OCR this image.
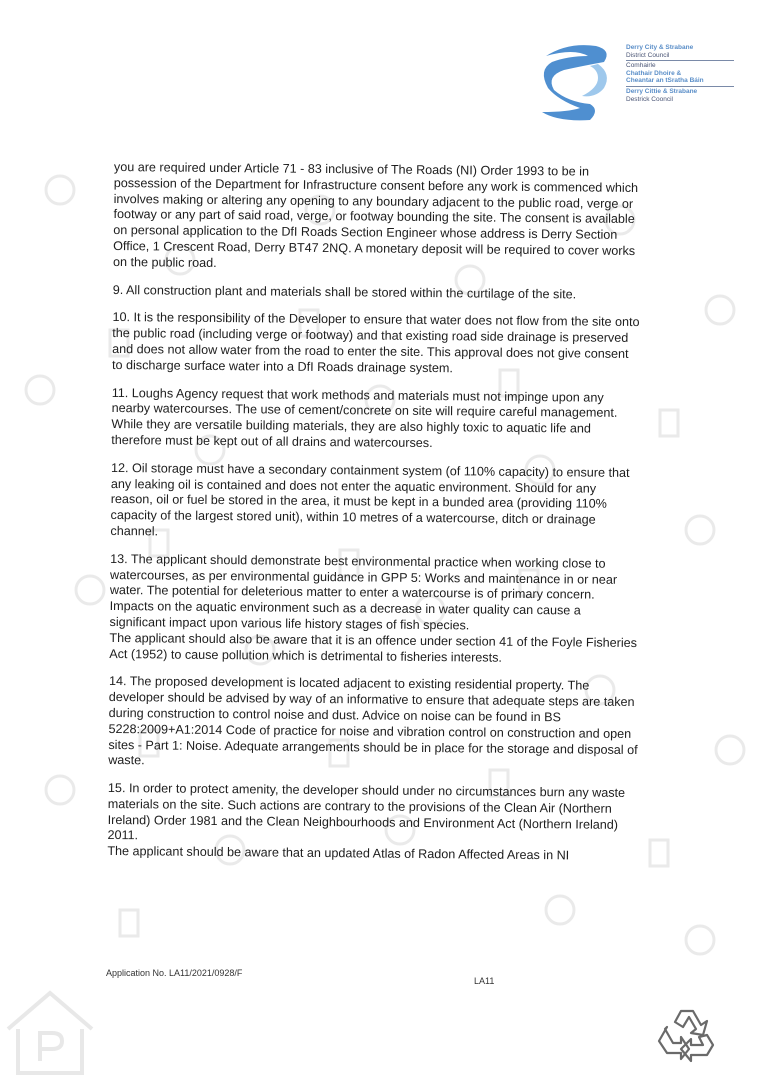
Derry City & Strabane
District Council
Comhairle
Chathair Dhoire &
Cheantar an tSratha Báin
Derry Cittie & Strabane
Destrick Cooncil

you are required under Article 71 - 83 inclusive of The Roads (NI) Order 1993 to be in possession of the Department for Infrastructure consent before any work is commenced which involves making or altering any opening to any boundary adjacent to the public road, verge or footway or any part of said road, verge, or footway bounding the site. The consent is available on personal application to the DfI Roads Section Engineer whose address is Derry Section Office, 1 Crescent Road, Derry BT47 2NQ. A monetary deposit will be required to cover works on the public road.

9. All construction plant and materials shall be stored within the curtilage of the site.

10. It is the responsibility of the Developer to ensure that water does not flow from the site onto the public road (including verge or footway) and that existing road side drainage is preserved and does not allow water from the road to enter the site. This approval does not give consent to discharge surface water into a DfI Roads drainage system.

11. Loughs Agency request that work methods and materials must not impinge upon any nearby watercourses. The use of cement/concrete on site will require careful management. While they are versatile building materials, they are also highly toxic to aquatic life and therefore must be kept out of all drains and watercourses.

12. Oil storage must have a secondary containment system (of 110% capacity) to ensure that any leaking oil is contained and does not enter the aquatic environment. Should for any reason, oil or fuel be stored in the area, it must be kept in a bunded area (providing 110% capacity of the largest stored unit), within 10 metres of a watercourse, ditch or drainage channel.

13. The applicant should demonstrate best environmental practice when working close to watercourses, as per environmental guidance in GPP 5: Works and maintenance in or near water. The potential for deleterious matter to enter a watercourse is of primary concern. Impacts on the aquatic environment such as a decrease in water quality can cause a significant impact upon various life history stages of fish species.

The applicant should also be aware that it is an offence under section 41 of the Foyle Fisheries Act (1952) to cause pollution which is detrimental to fisheries interests.

14. The proposed development is located adjacent to existing residential property. The developer should be advised by way of an informative to ensure that adequate steps are taken during construction to control noise and dust. Advice on noise can be found in BS 5228:2009+A1:2014 Code of practice for noise and vibration control on construction and open sites - Part 1: Noise. Adequate arrangements should be in place for the storage and disposal of waste.

15. In order to protect amenity, the developer should under no circumstances burn any waste materials on the site. Such actions are contrary to the provisions of the Clean Air (Northern Ireland) Order 1981 and the Clean Neighbourhoods and Environment Act (Northern Ireland) 2011.

The applicant should be aware that an updated Atlas of Radon Affected Areas in NI

Application No. LA11/2021/0928/F
LA11
